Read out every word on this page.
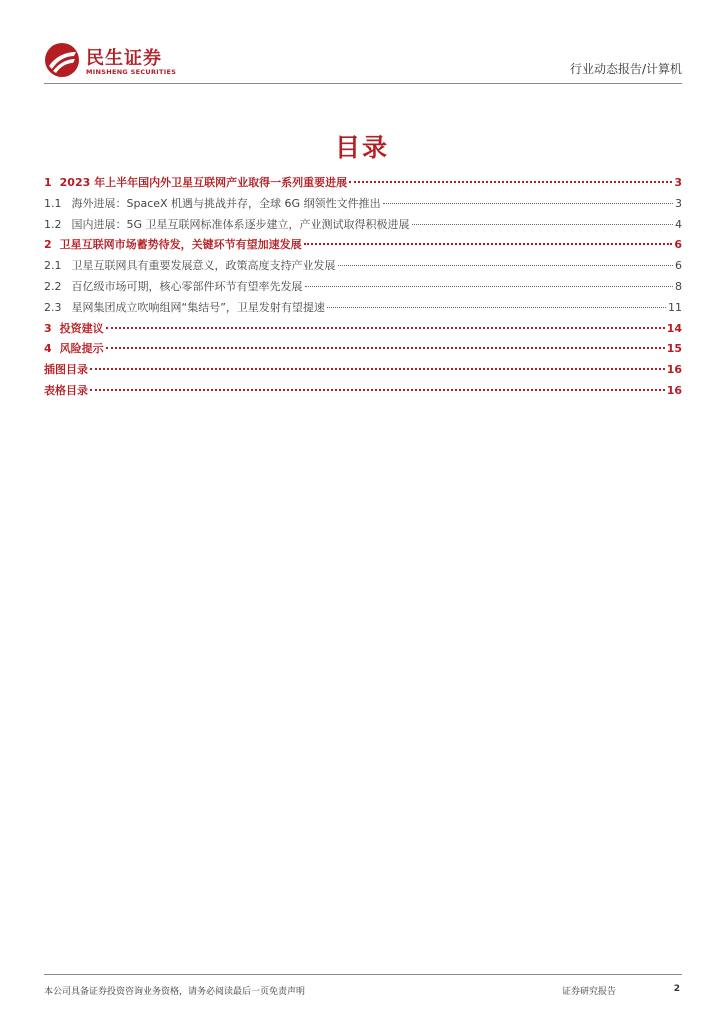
民生证券
MINSHENG SECURITIES	行业动态报告/计算机
目录
1 2023 年上半年国内外卫星互联网产业取得一系列重要进展	3
1.1 海外进展：SpaceX 机遇与挑战并存，全球 6G 纲领性文件推出	3
1.2 国内进展：5G 卫星互联网标准体系逐步建立，产业测试取得积极进展	4
2 卫星互联网市场蓄势待发，关键环节有望加速发展	6
2.1 卫星互联网具有重要发展意义，政策高度支持产业发展	6
2.2 百亿级市场可期，核心零部件环节有望率先发展	8
2.3 星网集团成立吹响组网“集结号”，卫星发射有望提速	11
3 投资建议	14
4 风险提示	15
插图目录	16
表格目录	16
本公司具备证券投资咨询业务资格，请务必阅读最后一页免责声明	证券研究报告	2
